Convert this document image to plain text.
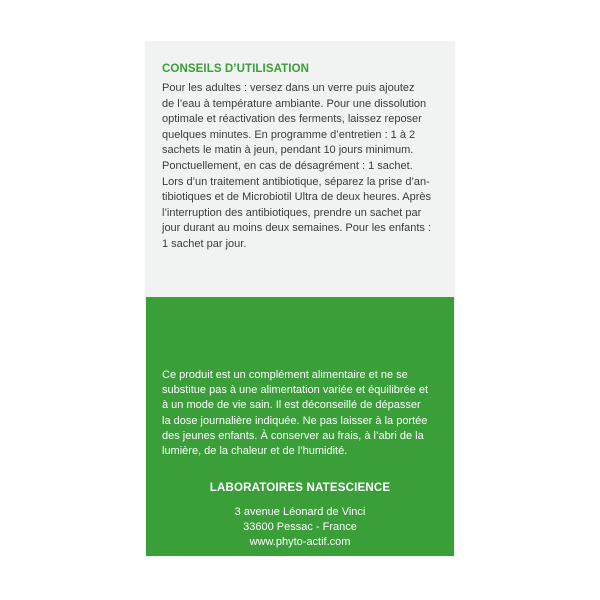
CONSEILS D’UTILISATION

Pour les adultes : versez dans un verre puis ajoutez
de l’eau à température ambiante. Pour une dissolution
optimale et réactivation des ferments, laissez reposer
quelques minutes. En programme d’entretien : 1 à 2
sachets le matin à jeun, pendant 10 jours minimum.
Ponctuellement, en cas de désagrément : 1 sachet.
Lors d’un traitement antibiotique, séparez la prise d’an-
tibiotiques et de Microbiotil Ultra de deux heures. Après
l’interruption des antibiotiques, prendre un sachet par
jour durant au moins deux semaines. Pour les enfants :
1 sachet par jour.

Ce produit est un complément alimentaire et ne se
substitue pas à une alimentation variée et équilibrée et
à un mode de vie sain. Il est déconseillé de dépasser
la dose journalière indiquée. Ne pas laisser à la portée
des jeunes enfants. À conserver au frais, à l’abri de la
lumière, de la chaleur et de l’humidité.

LABORATOIRES NATESCIENCE
3 avenue Léonard de Vinci
33600 Pessac - France
www.phyto-actif.com
